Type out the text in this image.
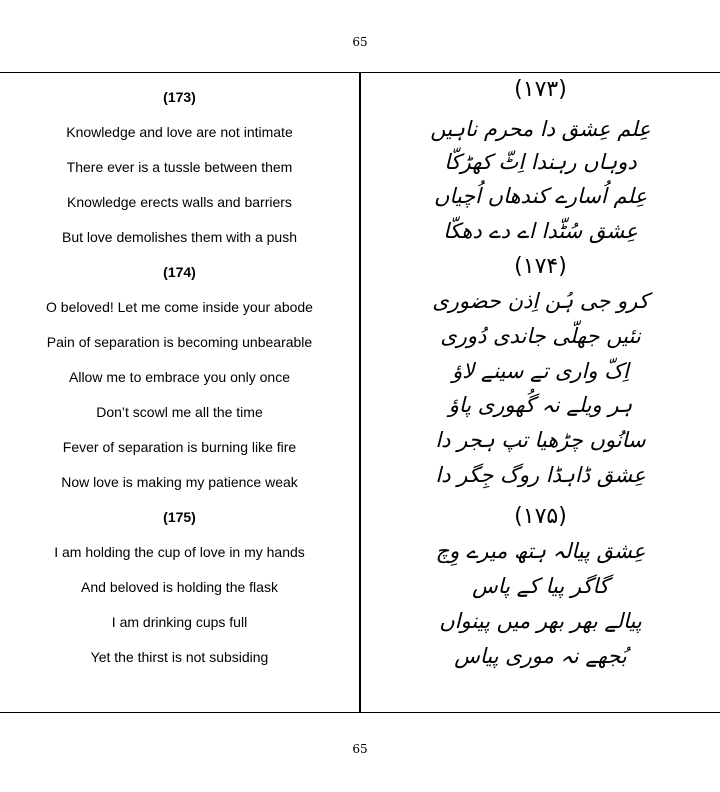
65
(173)
Knowledge and love are not intimate
There ever is a tussle between them
Knowledge erects walls and barriers
But love demolishes them with a push
(174)
O beloved! Let me come inside your abode
Pain of separation is becoming unbearable
Allow me to embrace you only once
Don’t scowl me all the time
Fever of separation is burning like fire
Now love is making my patience weak
(175)
I am holding the cup of love in my hands
And beloved is holding the flask
I am drinking cups full
Yet the thirst is not subsiding
(۱۷۳)
عِلم عِشق دا محرم ناہیں
دوہاں رہندا اِٹّ کھڑکّا
عِلم اُسارے کندھاں اُچیاں
عِشق سُٹّدا اے دے دھکّا
(۱۷۴)
کرو جی ہُن اِذن حضوری
نئیں جھلّی جاندی دُوری
اِکّ واری تے سینے لاؤ
ہر ویلے نہ گُھوری پاؤ
سانُوں چڑھیا تپ ہجر دا
عِشق ڈاہڈا روگ جِگر دا
(۱۷۵)
عِشق پیالہ ہتھ میرے وِچ
گاگر پیا کے پاس
پیالے بھر بھر میں پینواں
بُجھے نہ موری پیاس
65
